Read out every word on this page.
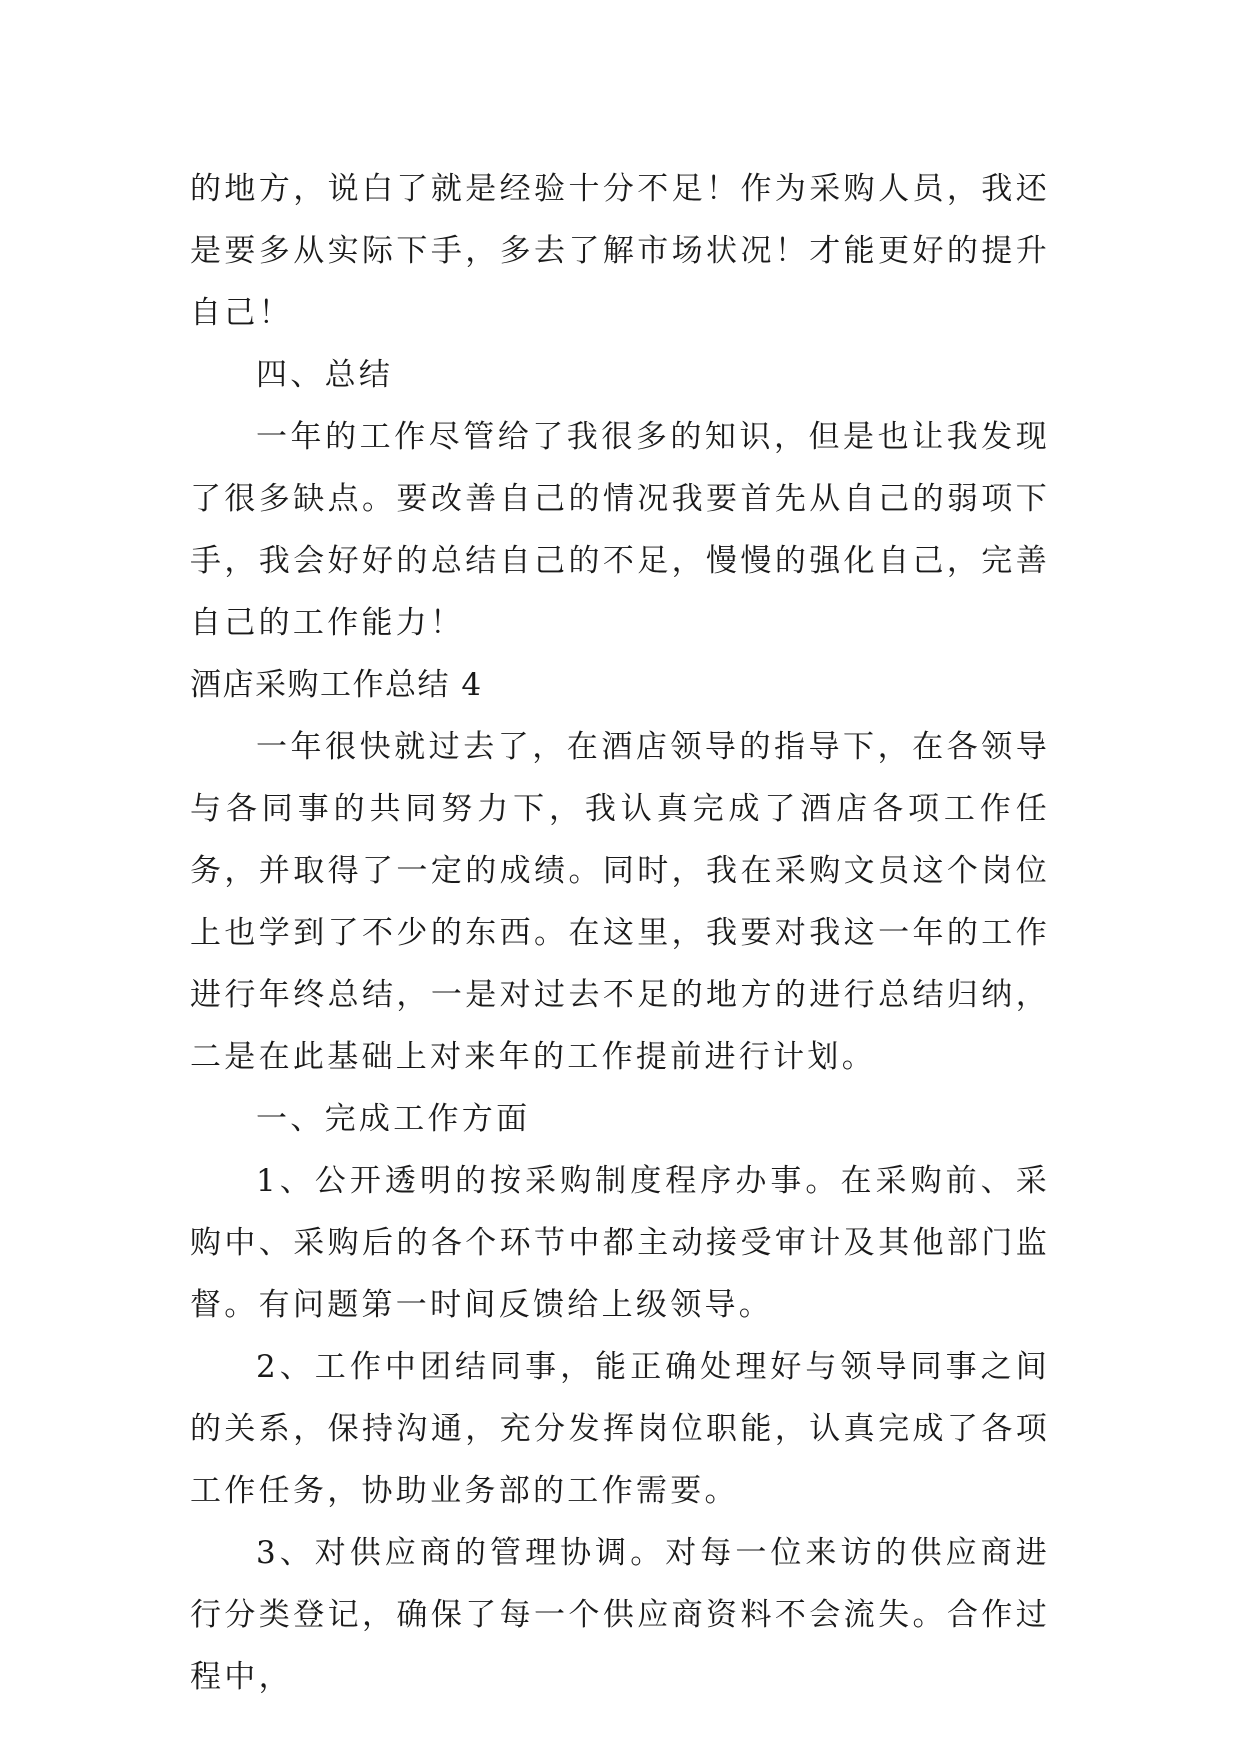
的地方，说白了就是经验十分不足！作为采购人员，我还是要多从实际下手，多去了解市场状况！才能更好的提升自己！

四、总结

一年的工作尽管给了我很多的知识，但是也让我发现了很多缺点。要改善自己的情况我要首先从自己的弱项下手，我会好好的总结自己的不足，慢慢的强化自己，完善自己的工作能力！

酒店采购工作总结 4

一年很快就过去了，在酒店领导的指导下，在各领导与各同事的共同努力下，我认真完成了酒店各项工作任务，并取得了一定的成绩。同时，我在采购文员这个岗位上也学到了不少的东西。在这里，我要对我这一年的工作进行年终总结，一是对过去不足的地方的进行总结归纳，二是在此基础上对来年的工作提前进行计划。

一、完成工作方面

1、公开透明的按采购制度程序办事。在采购前、采购中、采购后的各个环节中都主动接受审计及其他部门监督。有问题第一时间反馈给上级领导。

2、工作中团结同事，能正确处理好与领导同事之间的关系，保持沟通，充分发挥岗位职能，认真完成了各项工作任务，协助业务部的工作需要。

3、对供应商的管理协调。对每一位来访的供应商进行分类登记，确保了每一个供应商资料不会流失。合作过程中，
